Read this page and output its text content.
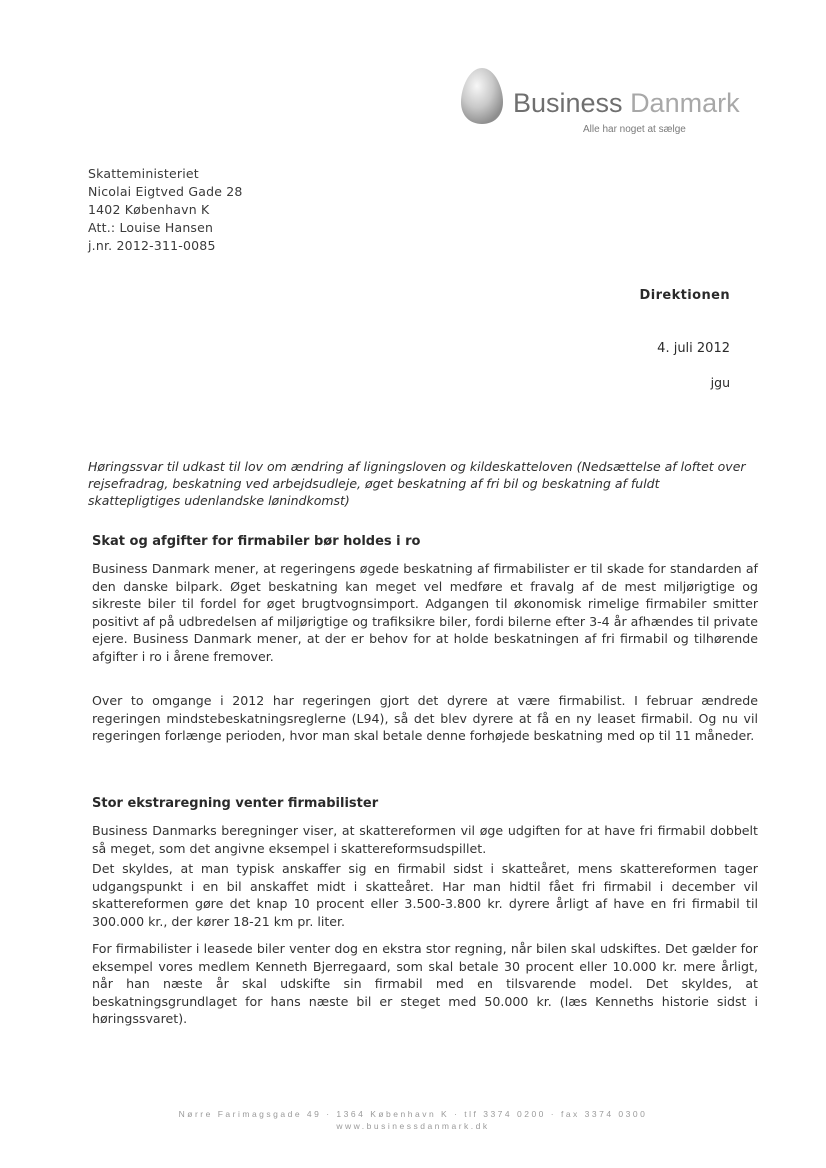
Business Danmark
Alle har noget at sælge
Skatteministeriet
Nicolai Eigtved Gade 28
1402 København K
Att.: Louise Hansen
j.nr. 2012-311-0085
Direktionen
4. juli 2012
jgu
Høringssvar til udkast til lov om ændring af ligningsloven og kildeskatteloven (Nedsættelse af loftet over rejsefradrag, beskatning ved arbejdsudleje, øget beskatning af fri bil og beskatning af fuldt skattepligtiges udenlandske lønindkomst)
Skat og afgifter for firmabiler bør holdes i ro
Business Danmark mener, at regeringens øgede beskatning af firmabilister er til skade for standarden af den danske bilpark. Øget beskatning kan meget vel medføre et fravalg af de mest miljørigtige og sikreste biler til fordel for øget brugtvognsimport. Adgangen til økonomisk rimelige firmabiler smitter positivt af på udbredelsen af miljørigtige og trafiksikre biler, fordi bilerne efter 3-4 år afhændes til private ejere. Business Danmark mener, at der er behov for at holde beskatningen af fri firmabil og tilhørende afgifter i ro i årene fremover.
Over to omgange i 2012 har regeringen gjort det dyrere at være firmabilist. I februar ændrede regeringen mindstebeskatningsreglerne (L94), så det blev dyrere at få en ny leaset firmabil. Og nu vil regeringen forlænge perioden, hvor man skal betale denne forhøjede beskatning med op til 11 måneder.
Stor ekstraregning venter firmabilister
Business Danmarks beregninger viser, at skattereformen vil øge udgiften for at have fri firmabil dobbelt så meget, som det angivne eksempel i skattereformsudspillet.
Det skyldes, at man typisk anskaffer sig en firmabil sidst i skatteåret, mens skattereformen tager udgangspunkt i en bil anskaffet midt i skatteåret. Har man hidtil fået fri firmabil i december vil skattereformen gøre det knap 10 procent eller 3.500-3.800 kr. dyrere årligt af have en fri firmabil til 300.000 kr., der kører 18-21 km pr. liter.
For firmabilister i leasede biler venter dog en ekstra stor regning, når bilen skal udskiftes. Det gælder for eksempel vores medlem Kenneth Bjerregaard, som skal betale 30 procent eller 10.000 kr. mere årligt, når han næste år skal udskifte sin firmabil med en tilsvarende model. Det skyldes, at beskatningsgrundlaget for hans næste bil er steget med 50.000 kr. (læs Kenneths historie sidst i høringssvaret).
Nørre Farimagsgade 49 · 1364 København K · tlf 3374 0200 · fax 3374 0300
www.businessdanmark.dk
